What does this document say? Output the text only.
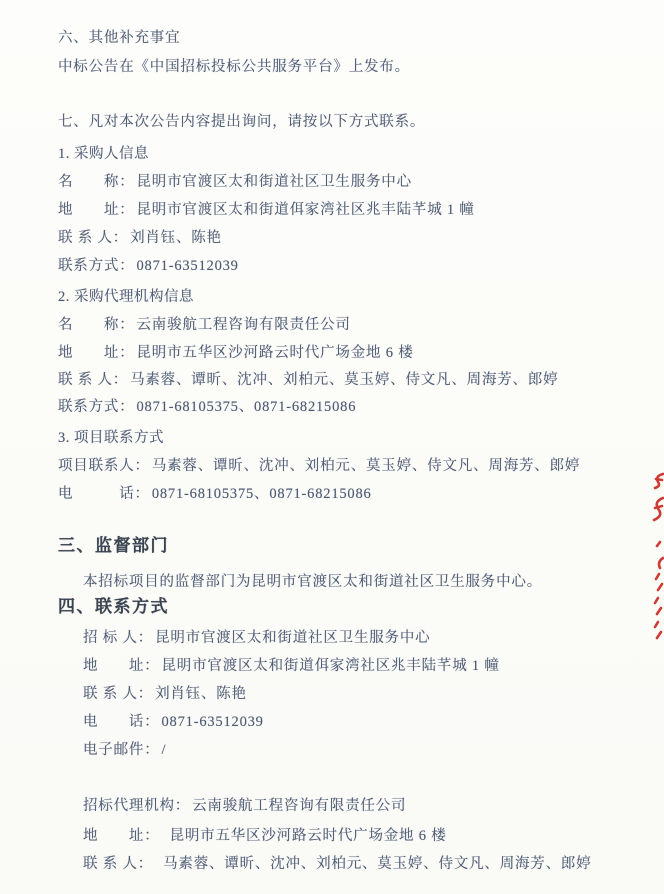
六、其他补充事宜
中标公告在《中国招标投标公共服务平台》上发布。
七、凡对本次公告内容提出询问，请按以下方式联系。
1. 采购人信息
名　　称： 昆明市官渡区太和街道社区卫生服务中心
地　　址： 昆明市官渡区太和街道佴家湾社区兆丰陆芊城 1 幢
联 系 人： 刘肖钰、陈艳
联系方式： 0871-63512039
2. 采购代理机构信息
名　　称： 云南骏航工程咨询有限责任公司
地　　址： 昆明市五华区沙河路云时代广场金地 6 楼
联 系 人： 马素蓉、谭昕、沈冲、刘柏元、莫玉婷、侍文凡、周海芳、郎婷
联系方式： 0871-68105375、0871-68215086
3. 项目联系方式
项目联系人： 马素蓉、谭昕、沈冲、刘柏元、莫玉婷、侍文凡、周海芳、郎婷
电　　　话： 0871-68105375、0871-68215086
三、监督部门
本招标项目的监督部门为昆明市官渡区太和街道社区卫生服务中心。
四、联系方式
招 标 人： 昆明市官渡区太和街道社区卫生服务中心
地　　址： 昆明市官渡区太和街道佴家湾社区兆丰陆芊城 1 幢
联 系 人： 刘肖钰、陈艳
电　　话： 0871-63512039
电子邮件： /
招标代理机构： 云南骏航工程咨询有限责任公司
地　　址：　昆明市五华区沙河路云时代广场金地 6 楼
联 系 人：　马素蓉、谭昕、沈冲、刘柏元、莫玉婷、侍文凡、周海芳、郎婷
